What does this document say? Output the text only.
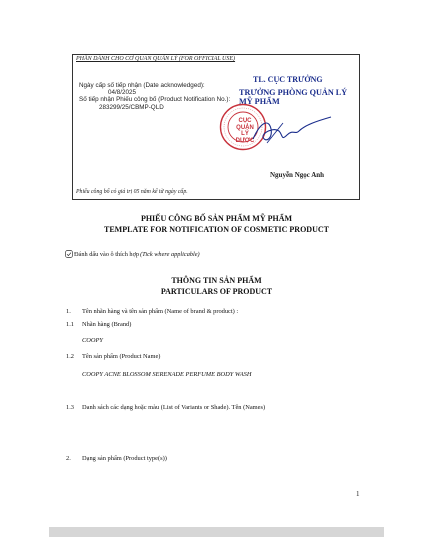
PHẦN DÀNH CHO CƠ QUAN QUẢN LÝ (FOR OFFICIAL USE)
Ngày cấp số tiếp nhận (Date acknowledged):
04/8/2025
Số tiếp nhận Phiếu công bố (Product Notification No.):
283299/25/CBMP-QLD
TL. CỤC TRƯỞNG
TRƯỞNG PHÒNG QUẢN LÝ MỸ PHẨM
CỤC
QUẢN LÝ
DƯỢC
Nguyễn Ngọc Anh
Phiếu công bố có giá trị 05 năm kể từ ngày cấp.
PHIẾU CÔNG BỐ SẢN PHẨM MỸ PHẨM
TEMPLATE FOR NOTIFICATION OF COSMETIC PRODUCT
Đánh dấu vào ô thích hợp (Tick where applicable)
THÔNG TIN SẢN PHẨM
PARTICULARS OF PRODUCT
1. Tên nhãn hàng và tên sản phẩm (Name of brand & product) :
1.1 Nhãn hàng (Brand)
COOPY
1.2 Tên sản phẩm (Product Name)
COOPY ACNE BLOSSOM SERENADE PERFUME BODY WASH
1.3 Danh sách các dạng hoặc màu (List of Variants or Shade). Tên (Names)
2. Dạng sản phẩm (Product type(s))
1
